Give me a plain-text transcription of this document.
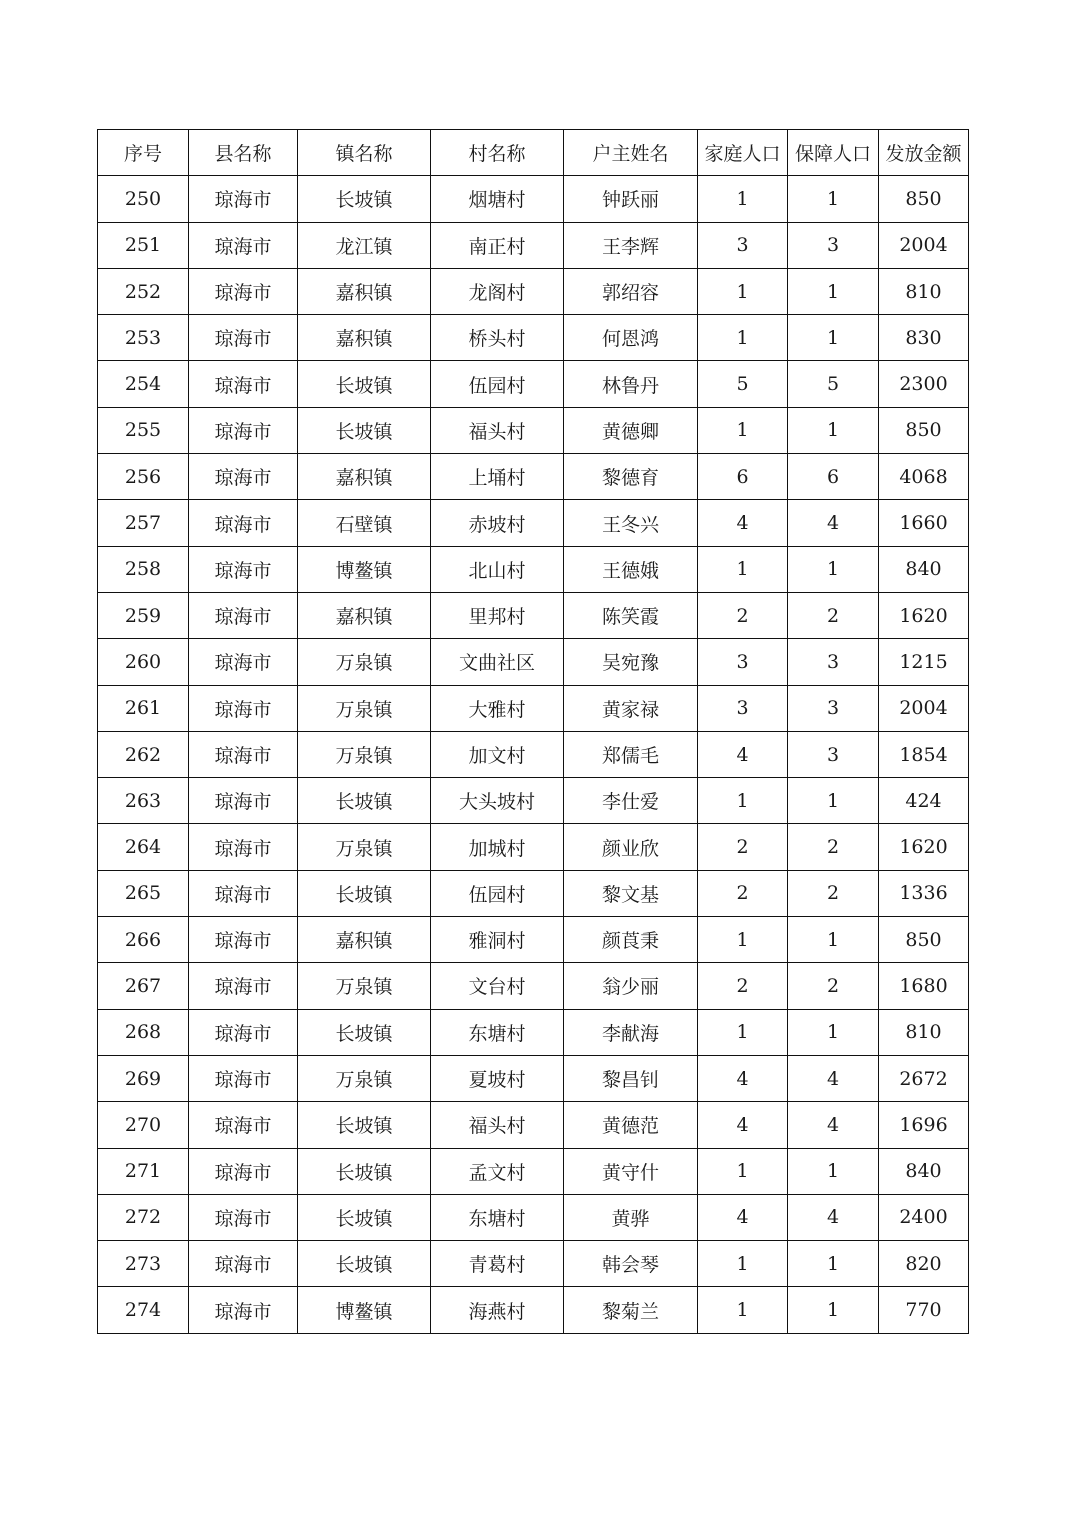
序号	县名称	镇名称	村名称	户主姓名	家庭人口	保障人口	发放金额
250	琼海市	长坡镇	烟塘村	钟跃丽	1	1	850
251	琼海市	龙江镇	南正村	王李辉	3	3	2004
252	琼海市	嘉积镇	龙阁村	郭绍容	1	1	810
253	琼海市	嘉积镇	桥头村	何恩鸿	1	1	830
254	琼海市	长坡镇	伍园村	林鲁丹	5	5	2300
255	琼海市	长坡镇	福头村	黄德卿	1	1	850
256	琼海市	嘉积镇	上埇村	黎德育	6	6	4068
257	琼海市	石壁镇	赤坡村	王冬兴	4	4	1660
258	琼海市	博鳌镇	北山村	王德娥	1	1	840
259	琼海市	嘉积镇	里邦村	陈笑霞	2	2	1620
260	琼海市	万泉镇	文曲社区	吴宛豫	3	3	1215
261	琼海市	万泉镇	大雅村	黄家禄	3	3	2004
262	琼海市	万泉镇	加文村	郑儒毛	4	3	1854
263	琼海市	长坡镇	大头坡村	李仕爱	1	1	424
264	琼海市	万泉镇	加城村	颜业欣	2	2	1620
265	琼海市	长坡镇	伍园村	黎文基	2	2	1336
266	琼海市	嘉积镇	雅洞村	颜莨秉	1	1	850
267	琼海市	万泉镇	文台村	翁少丽	2	2	1680
268	琼海市	长坡镇	东塘村	李献海	1	1	810
269	琼海市	万泉镇	夏坡村	黎昌钊	4	4	2672
270	琼海市	长坡镇	福头村	黄德范	4	4	1696
271	琼海市	长坡镇	孟文村	黄守什	1	1	840
272	琼海市	长坡镇	东塘村	黄骅	4	4	2400
273	琼海市	长坡镇	青葛村	韩会琴	1	1	820
274	琼海市	博鳌镇	海燕村	黎菊兰	1	1	770
